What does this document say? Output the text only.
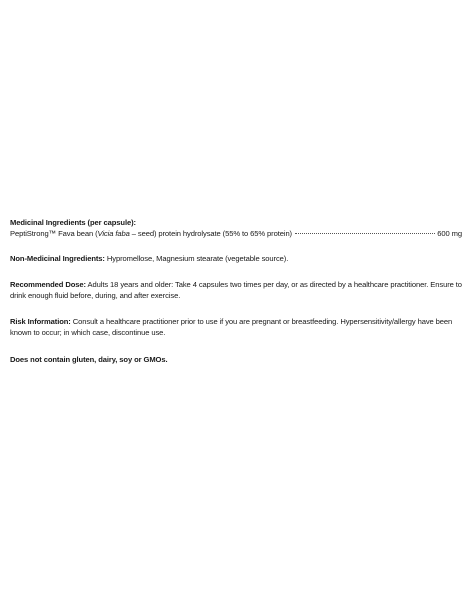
Medicinal Ingredients (per capsule):
PeptiStrong™ Fava bean (Vicia faba – seed) protein hydrolysate (55% to 65% protein)	600 mg

Non-Medicinal Ingredients: Hypromellose, Magnesium stearate (vegetable source).

Recommended Dose: Adults 18 years and older: Take 4 capsules two times per day, or as directed by a healthcare practitioner. Ensure to drink enough fluid before, during, and after exercise.

Risk Information: Consult a healthcare practitioner prior to use if you are pregnant or breastfeeding. Hypersensitivity/allergy have been known to occur; in which case, discontinue use.

Does not contain gluten, dairy, soy or GMOs.
